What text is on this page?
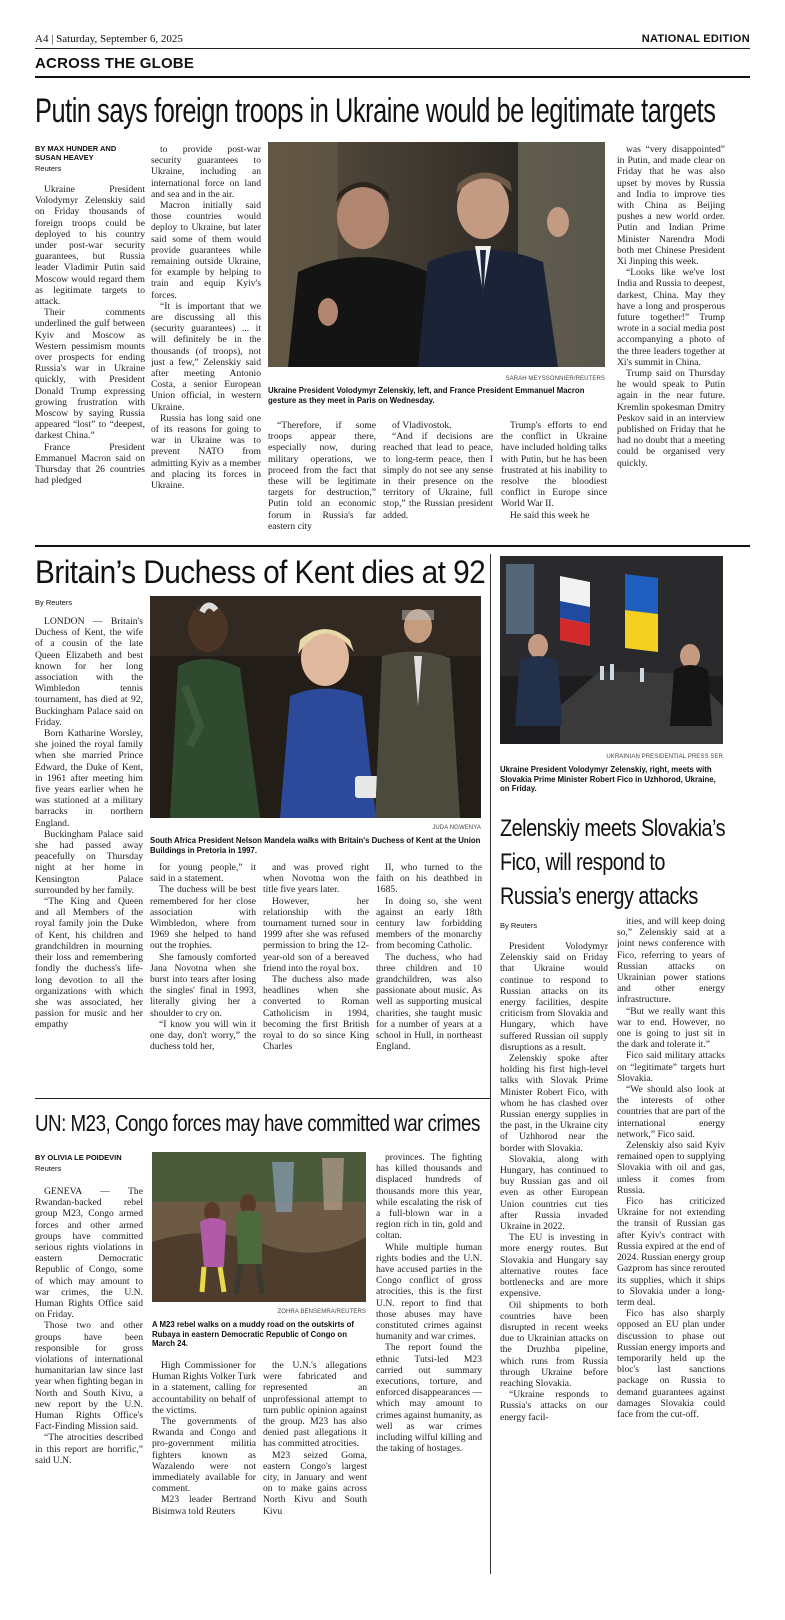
A4 | Saturday, September 6, 2025	NATIONAL EDITION
ACROSS THE GLOBE
Putin says foreign troops in Ukraine would be legitimate targets
BY MAX HUNDER AND
SUSAN HEAVEY
Reuters

Ukraine President Volodymyr Zelenskiy said on Friday thousands of foreign troops could be deployed to his country under post-war security guarantees, but Russia leader Vladimir Putin said Moscow would regard them as legitimate targets to attack.

Their comments underlined the gulf between Kyiv and Moscow as Western pessimism mounts over prospects for ending Russia's war in Ukraine quickly, with President Donald Trump expressing growing frustration with Moscow by saying Russia appeared “lost” to “deepest, darkest China.”

France President Emmanuel Macron said on Thursday that 26 countries had pledged

to provide post-war security guarantees to Ukraine, including an international force on land and sea and in the air.

Macron initially said those countries would deploy to Ukraine, but later said some of them would provide guarantees while remaining outside Ukraine, for example by helping to train and equip Kyiv's forces.

“It is important that we are discussing all this (security guarantees) ... it will definitely be in the thousands (of troops), not just a few,” Zelenskiy said after meeting Antonio Costa, a senior European Union official, in western Ukraine.

Russia has long said one of its reasons for going to war in Ukraine was to prevent NATO from admitting Kyiv as a member and placing its forces in Ukraine.

SARAH MEYSSONNIER/REUTERS
Ukraine President Volodymyr Zelenskiy, left, and France President Emmanuel Macron gesture as they meet in Paris on Wednesday.

“Therefore, if some troops appear there, especially now, during military operations, we proceed from the fact that these will be legitimate targets for destruction,” Putin told an economic forum in Russia's far eastern city

of Vladivostok.

“And if decisions are reached that lead to peace, to long-term peace, then I simply do not see any sense in their presence on the territory of Ukraine, full stop,” the Russian president added.

Trump's efforts to end the conflict in Ukraine have included holding talks with Putin, but he has been frustrated at his inability to resolve the bloodiest conflict in Europe since World War II.

He said this week he

was “very disappointed” in Putin, and made clear on Friday that he was also upset by moves by Russia and India to improve ties with China as Beijing pushes a new world order. Putin and Indian Prime Minister Narendra Modi both met Chinese President Xi Jinping this week.

“Looks like we've lost India and Russia to deepest, darkest, China. May they have a long and prosperous future together!” Trump wrote in a social media post accompanying a photo of the three leaders together at Xi's summit in China.

Trump said on Thursday he would speak to Putin again in the near future. Kremlin spokesman Dmitry Peskov said in an interview published on Friday that he had no doubt that a meeting could be organised very quickly.

Britain’s Duchess of Kent dies at 92
By Reuters
JUDA NGWENYA
South Africa President Nelson Mandela walks with Britain's Duchess of Kent at the Union Buildings in Pretoria in 1997.

LONDON — Britain's Duchess of Kent, the wife of a cousin of the late Queen Elizabeth and best known for her long association with the Wimbledon tennis tournament, has died at 92, Buckingham Palace said on Friday.

Born Katharine Worsley, she joined the royal family when she married Prince Edward, the Duke of Kent, in 1961 after meeting him five years earlier when he was stationed at a military barracks in northern England.

Buckingham Palace said she had passed away peacefully on Thursday night at her home in Kensington Palace surrounded by her family.

“The King and Queen and all Members of the royal family join the Duke of Kent, his children and grandchildren in mourning their loss and remembering fondly the duchess's life-long devotion to all the organizations with which she was associated, her passion for music and her empathy

for young people,” it said in a statement.

The duchess will be best remembered for her close association with Wimbledon, where from 1969 she helped to hand out the trophies.

She famously comforted Jana Novotna when she burst into tears after losing the singles' final in 1993, literally giving her a shoulder to cry on.

“I know you will win it one day, don't worry,” the duchess told her,

and was proved right when Novotna won the title five years later.

However, her relationship with the tournament turned sour in 1999 after she was refused permission to bring the 12-year-old son of a bereaved friend into the royal box.

The duchess also made headlines when she converted to Roman Catholicism in 1994, becoming the first British royal to do so since King Charles

II, who turned to the faith on his deathbed in 1685.

In doing so, she went against an early 18th century law forbidding members of the monarchy from becoming Catholic.

The duchess, who had three children and 10 grandchildren, was also passionate about music. As well as supporting musical charities, she taught music for a number of years at a school in Hull, in northeast England.

UN: M23, Congo forces may have committed war crimes
BY OLIVIA LE POIDEVIN
Reuters
ZOHRA BENSEMRA/REUTERS
A M23 rebel walks on a muddy road on the outskirts of Rubaya in eastern Democratic Republic of Congo on March 24.

GENEVA — The Rwandan-backed rebel group M23, Congo armed forces and other armed groups have committed serious rights violations in eastern Democratic Republic of Congo, some of which may amount to war crimes, the U.N. Human Rights Office said on Friday.

Those two and other groups have been responsible for gross violations of international humanitarian law since last year when fighting began in North and South Kivu, a new report by the U.N. Human Rights Office's Fact-Finding Mission said.

“The atrocities described in this report are horrific,” said U.N.

High Commissioner for Human Rights Volker Turk in a statement, calling for accountability on behalf of the victims.

The governments of Rwanda and Congo and pro-government militia fighters known as Wazalendo were not immediately available for comment.

M23 leader Bertrand Bisimwa told Reuters

the U.N.'s allegations were fabricated and represented an unprofessional attempt to turn public opinion against the group. M23 has also denied past allegations it has committed atrocities.

M23 seized Goma, eastern Congo's largest city, in January and went on to make gains across North Kivu and South Kivu

provinces. The fighting has killed thousands and displaced hundreds of thousands more this year, while escalating the risk of a full-blown war in a region rich in tin, gold and coltan.

While multiple human rights bodies and the U.N. have accused parties in the Congo conflict of gross atrocities, this is the first U.N. report to find that those abuses may have constituted crimes against humanity and war crimes.

The report found the ethnic Tutsi-led M23 carried out summary executions, torture, and enforced disappearances — which may amount to crimes against humanity, as well as war crimes including wilful killing and the taking of hostages.

UKRAINIAN PRESIDENTIAL PRESS SER
Ukraine President Volodymyr Zelenskiy, right, meets with Slovakia Prime Minister Robert Fico in Uzhhorod, Ukraine, on Friday.
Zelenskiy meets Slovakia’s
Fico, will respond to
Russia’s energy attacks
By Reuters

President Volodymyr Zelenskiy said on Friday that Ukraine would continue to respond to Russian attacks on its energy facilities, despite criticism from Slovakia and Hungary, which have suffered Russian oil supply disruptions as a result.

Zelenskiy spoke after holding his first high-level talks with Slovak Prime Minister Robert Fico, with whom he has clashed over Russian energy supplies in the past, in the Ukraine city of Uzhhorod near the border with Slovakia.

Slovakia, along with Hungary, has continued to buy Russian gas and oil even as other European Union countries cut ties after Russia invaded Ukraine in 2022.

The EU is investing in more energy routes. But Slovakia and Hungary say alternative routes face bottlenecks and are more expensive.

Oil shipments to both countries have been disrupted in recent weeks due to Ukrainian attacks on the Druzhba pipeline, which runs from Russia through Ukraine before reaching Slovakia.

“Ukraine responds to Russia's attacks on our energy facil-

ities, and will keep doing so,” Zelenskiy said at a joint news conference with Fico, referring to years of Russian attacks on Ukrainian power stations and other energy infrastructure.

“But we really want this war to end. However, no one is going to just sit in the dark and tolerate it.”

Fico said military attacks on “legitimate” targets hurt Slovakia.

“We should also look at the interests of other countries that are part of the international energy network,” Fico said.

Zelenskiy also said Kyiv remained open to supplying Slovakia with oil and gas, unless it comes from Russia.

Fico has criticized Ukraine for not extending the transit of Russian gas after Kyiv's contract with Russia expired at the end of 2024. Russian energy group Gazprom has since rerouted its supplies, which it ships to Slovakia under a long-term deal.

Fico has also sharply opposed an EU plan under discussion to phase out Russian energy imports and temporarily held up the bloc's last sanctions package on Russia to demand guarantees against damages Slovakia could face from the cut-off.
